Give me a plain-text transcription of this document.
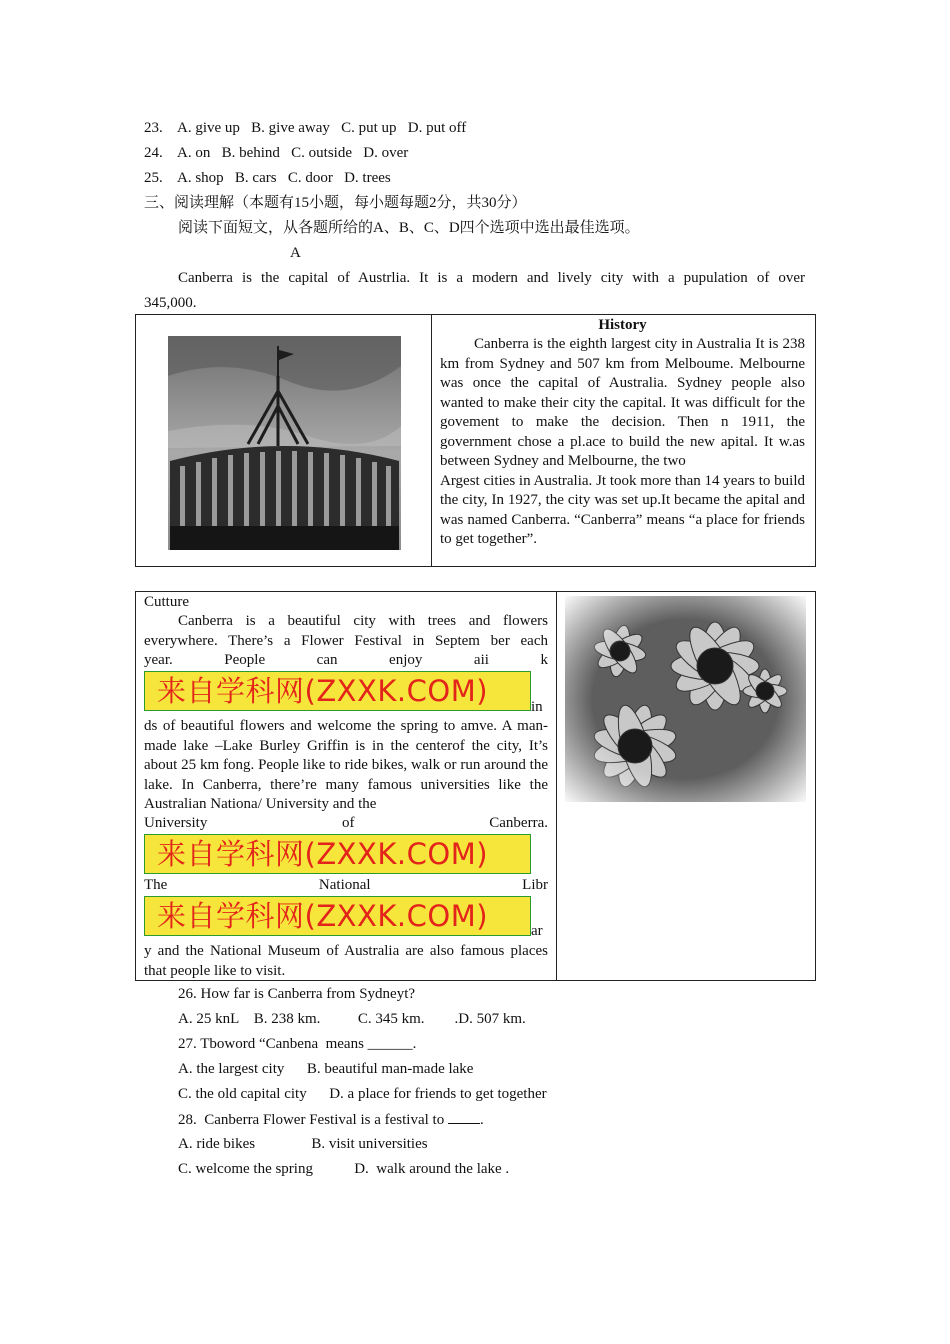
23. A. give up   B. give away   C. put up   D. put off
24. A. on   B. behind   C. outside   D. over
25. A. shop   B. cars   C. door   D. trees
三、阅读理解（本题有15小题，每小题每题2分，共30分）
阅读下面短文，从各题所给的A、B、C、D四个选项中选出最佳选项。
A
Canberra is the capital of Austrlia. It is a modern and lively city with a pupulation of over
345,000.
History

Canberra is the eighth largest city in Australia It is 238 km from Sydney and 507 km from Melboume. Melbourne was once the capital of Australia. Sydney people also wanted to make their city the capital. It was difficult for the govement to make the decision. Then n 1911, the government chose a pl.ace to build the new apital. It w.as between Sydney and Melbourne, the two

Argest cities in Australia. Jt took more than 14 years to build the city, In 1927, the city was set up.It became the apital and was named Canberra. “Canberra” means “a place for friends to get together”.

Cutture
Canberra is a beautiful city with trees and flowers
everywhere. There’s a Flower Festival in Septem ber each
year. People can enjoy aii k
来自学科网(ZXXK.COM)	in
ds of beautiful flowers and welcome the spring to amve. A man-made lake –Lake Burley Griffin is in the centerof the city, It’s about 25 km fong. People like to ride bikes, walk or run around the lake. In Canberra, there’re many famous universities like the Australian Nationa/ University and the
University of Canberra.
来自学科网(ZXXK.COM)
The National Libr
来自学科网(ZXXK.COM)	ar
y and the National Museum of Australia are also famous places that people like to visit.
26. How far is Canberra from Sydneyt?
A. 25 knL    B. 238 km.          C. 345 km.        .D. 507 km.
27. Tboword “Canbena  means ______.
A. the largest city      B. beautiful man-made lake
C. the old capital city      D. a place for friends to get together
28.  Canberra Flower Festival is a festival to .
A. ride bikes               B. visit universities
C. welcome the spring           D.  walk around the lake .
